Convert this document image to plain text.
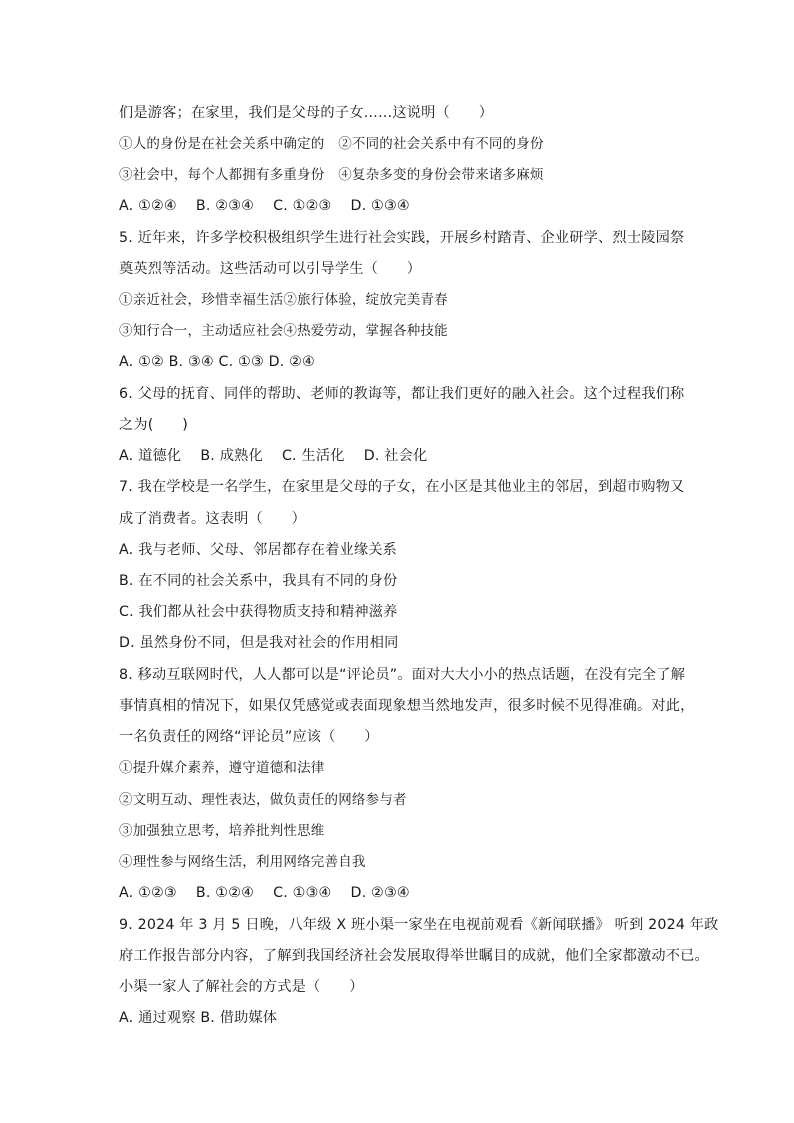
们是游客；在家里，我们是父母的子女……这说明（　　）
①人的身份是在社会关系中确定的　②不同的社会关系中有不同的身份
③社会中，每个人都拥有多重身份　④复杂多变的身份会带来诸多麻烦
A. ①②④　 B. ②③④　 C. ①②③　 D. ①③④
5. 近年来，许多学校积极组织学生进行社会实践，开展乡村踏青、企业研学、烈士陵园祭
奠英烈等活动。这些活动可以引导学生（　　）
①亲近社会，珍惜幸福生活②旅行体验，绽放完美青春
③知行合一，主动适应社会④热爱劳动，掌握各种技能
A. ①② B. ③④ C. ①③ D. ②④
6. 父母的抚育、同伴的帮助、老师的教诲等，都让我们更好的融入社会。这个过程我们称
之为(　　)
A. 道德化　 B. 成熟化　 C. 生活化　 D. 社会化
7. 我在学校是一名学生，在家里是父母的子女，在小区是其他业主的邻居，到超市购物又
成了消费者。这表明（　　）
A. 我与老师、父母、邻居都存在着业缘关系
B. 在不同的社会关系中，我具有不同的身份
C. 我们都从社会中获得物质支持和精神滋养
D. 虽然身份不同，但是我对社会的作用相同
8. 移动互联网时代，人人都可以是“评论员”。面对大大小小的热点话题，在没有完全了解
事情真相的情况下，如果仅凭感觉或表面现象想当然地发声，很多时候不见得准确。对此，
一名负责任的网络“评论员”应该（　　）
①提升媒介素养，遵守道德和法律
②文明互动、理性表达，做负责任的网络参与者
③加强独立思考，培养批判性思维
④理性参与网络生活，利用网络完善自我
A. ①②③　 B. ①②④　 C. ①③④　 D. ②③④
9. 2024 年 3 月 5 日晚，八年级 X 班小渠一家坐在电视前观看《新闻联播》 听到 2024 年政
府工作报告部分内容，了解到我国经济社会发展取得举世瞩目的成就，他们全家都激动不已。
小渠一家人了解社会的方式是（　　）
A. 通过观察 B. 借助媒体
